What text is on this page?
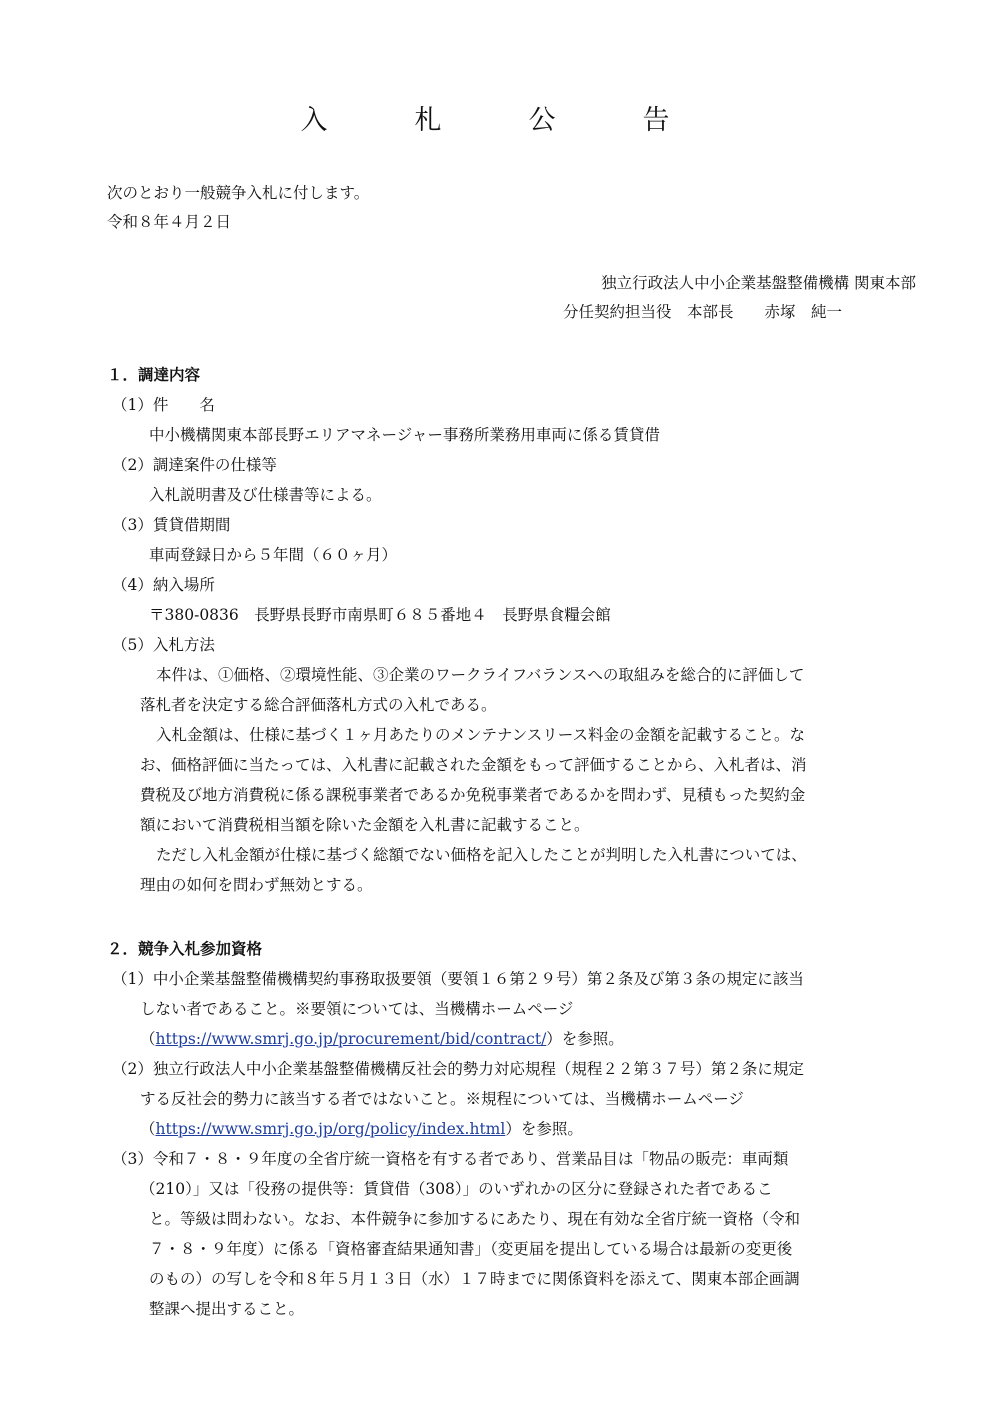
入　札　公　告
次のとおり一般競争入札に付します。
令和８年４月２日
独立行政法人中小企業基盤整備機構 関東本部
分任契約担当役　本部長　　赤塚　純一
１．調達内容
（1）件　　名
中小機構関東本部長野エリアマネージャー事務所業務用車両に係る賃貸借
（2）調達案件の仕様等
入札説明書及び仕様書等による。
（3）賃貸借期間
車両登録日から５年間（６０ヶ月）
（4）納入場所
〒380-0836　長野県長野市南県町６８５番地４　長野県食糧会館
（5）入札方法
本件は、①価格、②環境性能、③企業のワークライフバランスへの取組みを総合的に評価して
落札者を決定する総合評価落札方式の入札である。
入札金額は、仕様に基づく１ヶ月あたりのメンテナンスリース料金の金額を記載すること。な
お、価格評価に当たっては、入札書に記載された金額をもって評価することから、入札者は、消
費税及び地方消費税に係る課税事業者であるか免税事業者であるかを問わず、見積もった契約金
額において消費税相当額を除いた金額を入札書に記載すること。
ただし入札金額が仕様に基づく総額でない価格を記入したことが判明した入札書については、
理由の如何を問わず無効とする。
２．競争入札参加資格
（1）中小企業基盤整備機構契約事務取扱要領（要領１６第２９号）第２条及び第３条の規定に該当
しない者であること。※要領については、当機構ホームページ
（https://www.smrj.go.jp/procurement/bid/contract/）を参照。
（2）独立行政法人中小企業基盤整備機構反社会的勢力対応規程（規程２２第３７号）第２条に規定
する反社会的勢力に該当する者ではないこと。※規程については、当機構ホームページ
（https://www.smrj.go.jp/org/policy/index.html）を参照。
（3）令和７・８・９年度の全省庁統一資格を有する者であり、営業品目は「物品の販売：車両類
（210）」又は「役務の提供等：賃貸借（308）」のいずれかの区分に登録された者であるこ
と。等級は問わない。なお、本件競争に参加するにあたり、現在有効な全省庁統一資格（令和
７・８・９年度）に係る「資格審査結果通知書」（変更届を提出している場合は最新の変更後
のもの）の写しを令和８年５月１３日（水）１７時までに関係資料を添えて、関東本部企画調
整課へ提出すること。
